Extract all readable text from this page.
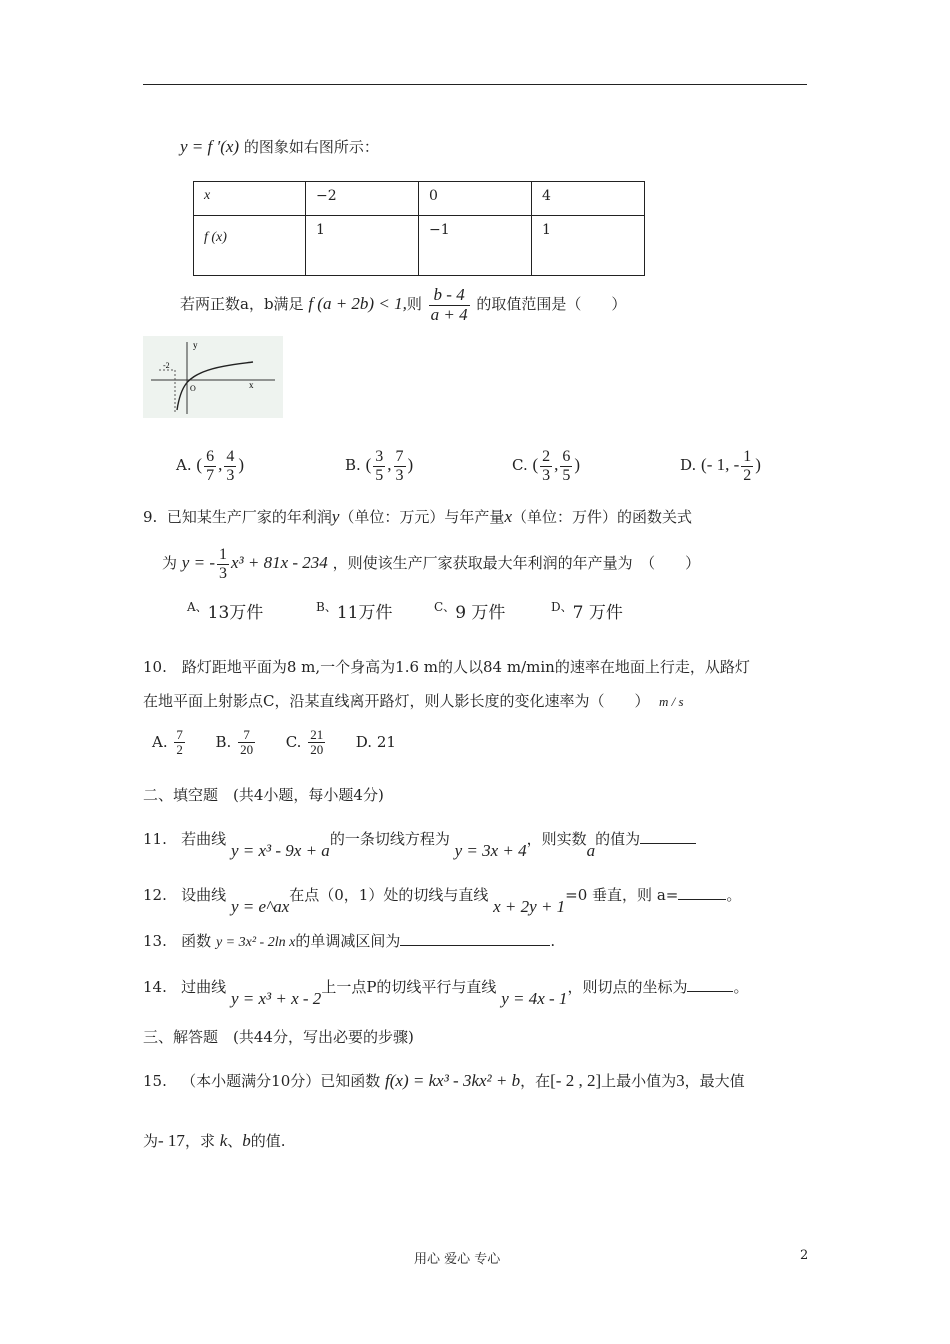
y = f ′(x) 的图象如右图所示：
x	−2	0	4
f (x)	1	−1	1
若两正数a，b满足 f (a + 2b) < 1,则 $\frac{b - 4}{a + 4}$ 的取值范围是（　　）
y
x
O
-2
A. ( $\frac{6}{7}$ , $\frac{4}{3}$ )	B. ( $\frac{3}{5}$ , $\frac{7}{3}$ )	C. ( $\frac{2}{3}$ , $\frac{6}{5}$ )	D. (- 1, - $\frac{1}{2}$ )
9. 已知某生产厂家的年利润y（单位：万元）与年产量x（单位：万件）的函数关式
为 y = - $\frac{1}{3} x^3 + 81x - 234$ ，则使该生产厂家获取最大年利润的年产量为　（　　）
$^{A、}$13万件	$^{B、}$11万件	$^{C、}$9 万件	$^{D、}$7 万件
10.　路灯距地平面为8 m,一个身高为1.6 m的人以84 m/min的速率在地面上行走，从路灯
在地平面上射影点C，沿某直线离开路灯，则人影长度的变化速率为（　　） m / s
A. $\frac{7}{2} B$. $\frac{7}{20} C$. $\frac{21}{20} D$. 21
二、填空题　(共4小题，每小题4分)
11. 若曲线 y = x³ - 9x + a的一条切线方程为 y = 3x + 4，则实数a的值为
12. 设曲线 y = e^ax在点（0，1）处的切线与直线 x + 2y + 1=0 垂直，则 a=	。
13. 函数 y = 3x² - 2ln x的单调减区间为	.
14. 过曲线 y = x³ + x - 2上一点P的切线平行与直线 y = 4x - 1，则切点的坐标为	。
三、解答题　(共44分，写出必要的步骤)
15. （本小题满分10分）已知函数 f(x) = kx³ - 3kx² + b，在[- 2 , 2]上最小值为3，最大值
为- 17，求 k、b的值.
用心 爱心 专心	2
